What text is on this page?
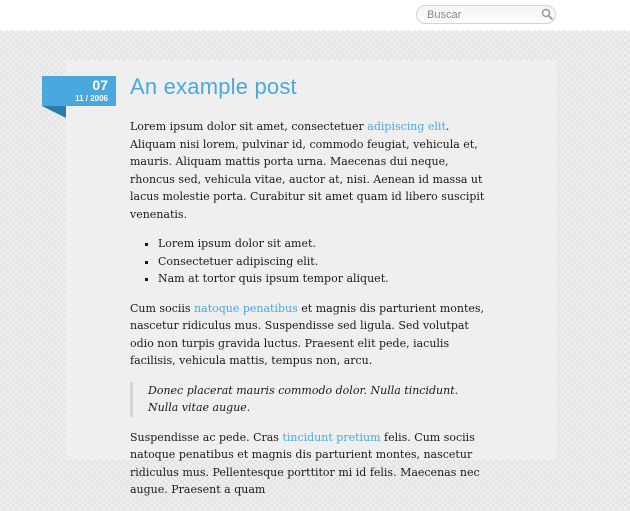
Buscar
07
11 / 2006 An example post

Lorem ipsum dolor sit amet, consectetuer adipiscing elit. Aliquam nisi lorem, pulvinar id, commodo feugiat, vehicula et, mauris. Aliquam mattis porta urna. Maecenas dui neque, rhoncus sed, vehicula vitae, auctor at, nisi. Aenean id massa ut lacus molestie porta. Curabitur sit amet quam id libero suscipit venenatis.

▪ Lorem ipsum dolor sit amet.
▪ Consectetuer adipiscing elit.
▪ Nam at tortor quis ipsum tempor aliquet.

Cum sociis natoque penatibus et magnis dis parturient montes, nascetur ridiculus mus. Suspendisse sed ligula. Sed volutpat odio non turpis gravida luctus. Praesent elit pede, iaculis facilisis, vehicula mattis, tempus non, arcu.

Donec placerat mauris commodo dolor. Nulla tincidunt. Nulla vitae augue.

Suspendisse ac pede. Cras tincidunt pretium felis. Cum sociis natoque penatibus et magnis dis parturient montes, nascetur ridiculus mus. Pellentesque porttitor mi id felis. Maecenas nec augue. Praesent a quam
